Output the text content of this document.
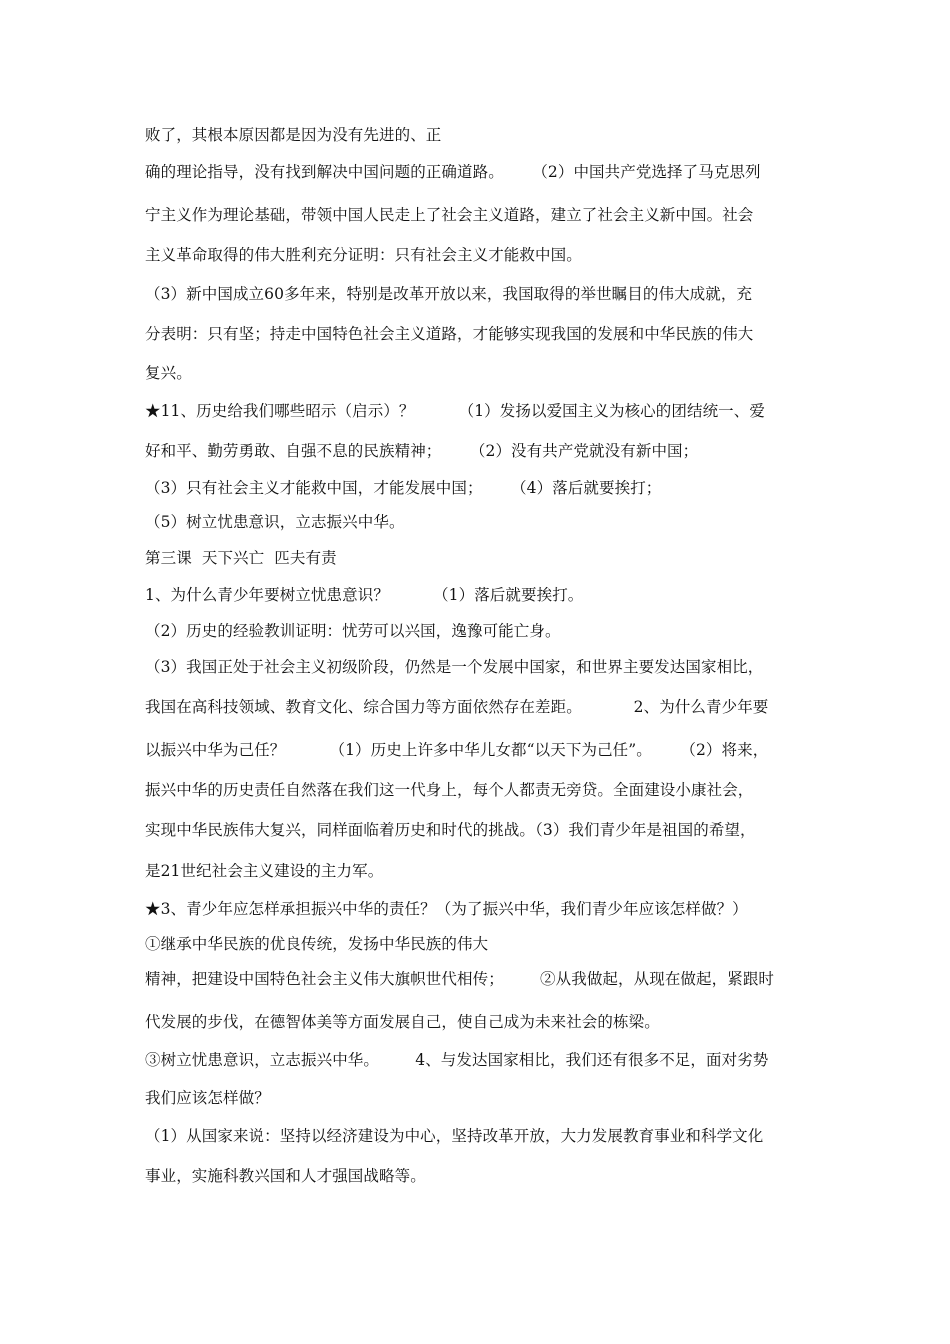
败了，其根本原因都是因为没有先进的、正
确的理论指导，没有找到解决中国问题的正确道路。 　　（2）中国共产党选择了马克思列
宁主义作为理论基础，带领中国人民走上了社会主义道路，建立了社会主义新中国。社会
主义革命取得的伟大胜利充分证明：只有社会主义才能救中国。
（3）新中国成立60多年来，特别是改革开放以来，我国取得的举世瞩目的伟大成就，充
分表明：只有坚；持走中国特色社会主义道路，才能够实现我国的发展和中华民族的伟大
复兴。
★11、历史给我们哪些昭示（启示）？ 　　　（1）发扬以爱国主义为核心的团结统一、爱
好和平、勤劳勇敢、自强不息的民族精神； 　　（2）没有共产党就没有新中国；
（3）只有社会主义才能救中国，才能发展中国； 　　（4）落后就要挨打；
（5）树立忧患意识，立志振兴中华。
第三课  天下兴亡  匹夫有责
1、为什么青少年要树立忧患意识？ 　　　（1）落后就要挨打。
（2）历史的经验教训证明：忧劳可以兴国，逸豫可能亡身。
（3）我国正处于社会主义初级阶段，仍然是一个发展中国家，和世界主要发达国家相比，
我国在高科技领域、教育文化、综合国力等方面依然存在差距。 　　　2、为什么青少年要
以振兴中华为己任？ 　　　（1）历史上许多中华儿女都“以天下为己任”。 　　（2）将来，
振兴中华的历史责任自然落在我们这一代身上，每个人都责无旁贷。全面建设小康社会，
实现中华民族伟大复兴，同样面临着历史和时代的挑战。（3）我们青少年是祖国的希望，
是21世纪社会主义建设的主力军。
★3、青少年应怎样承担振兴中华的责任？（为了振兴中华，我们青少年应该怎样做？）
①继承中华民族的优良传统，发扬中华民族的伟大
精神，把建设中国特色社会主义伟大旗帜世代相传； 　　②从我做起，从现在做起，紧跟时
代发展的步伐，在德智体美等方面发展自己，使自己成为未来社会的栋梁。
③树立忧患意识，立志振兴中华。 　　4、与发达国家相比，我们还有很多不足，面对劣势
我们应该怎样做？
（1）从国家来说：坚持以经济建设为中心，坚持改革开放，大力发展教育事业和科学文化
事业，实施科教兴国和人才强国战略等。
